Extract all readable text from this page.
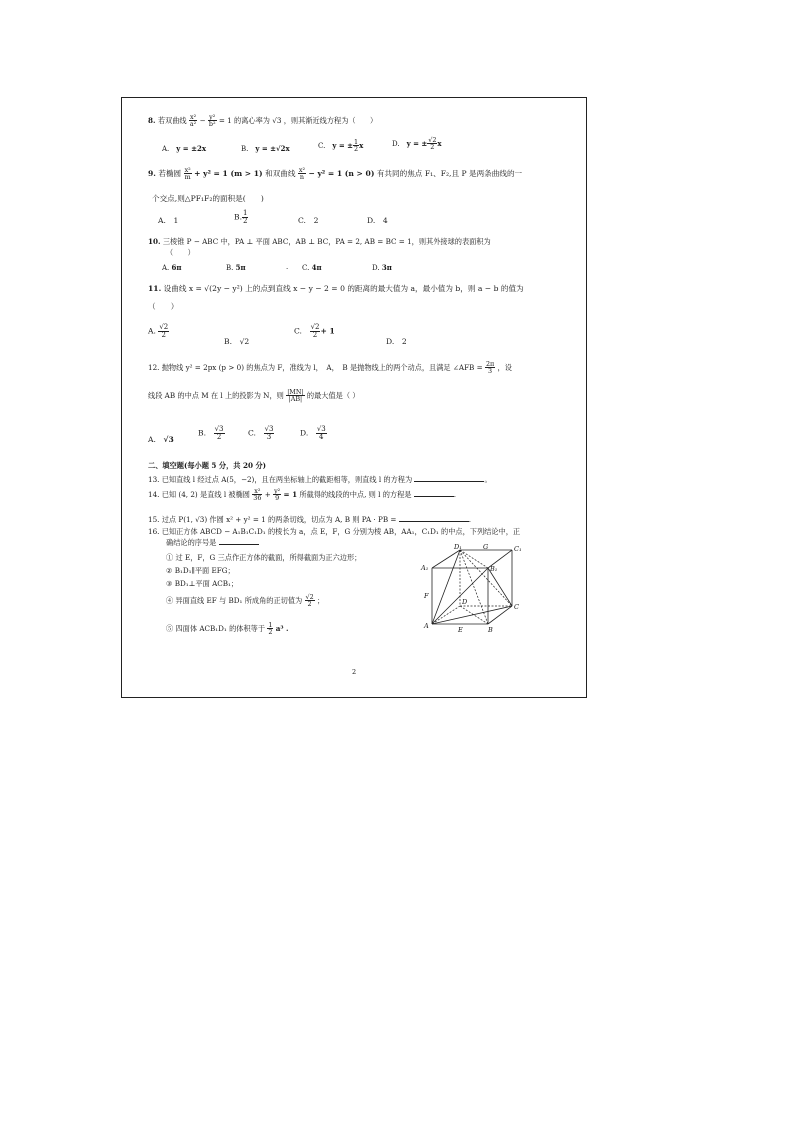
8. 若双曲线 $\frac{\text{x²}}{\text{a²}} - \frac{\text{y²}}{\text{b²}} = 1$ 的离心率为 √3 ，则其渐近线方程为（　　）
A.　 y = ±2x	B.　 y = ±√2x	C.　 y = ± $\frac{1}{2}$ x	D.　 y = ± $\frac{√2}{2}$ x
9. 若椭圆 $\frac{\text{x²}}{m} + y^2 = 1$ (m > 1) 和双曲线 $\frac{\text{x²}}{n} - y^2 = 1$ (n > 0) 有共同的焦点 F₁、F₂,且 P 是两条曲线的一
个交点,则△PF₁F₂的面积是(　　)
A.　 1	B. $\frac{1}{2}$	C.　 2	D.　 4
10. 三棱锥 P − ABC 中，PA ⊥ 平面 ABC，AB ⊥ BC，PA = 2, AB = BC = 1，则其外接球的表面积为
（　　）
A. 6π	B. 5π	. C. 4π	D. 3π
11. 设曲线 x = √(2y − y²) 上的点到直线 x − y − 2 = 0 的距离的最大值为 a，最小值为 b，则 a − b 的值为
（　　）
A. $\frac{√2}{2}$
B.　 √2
C.　 $\frac{√2}{2} + 1$
D.　 2
12. 抛物线 y² = 2px (p > 0) 的焦点为 F，准线为 l，　A，　B 是抛物线上的两个动点，且满足 ∠AFB = $\frac{2\pi}{3}$ ，设
线段 AB 的中点 M 在 l 上的投影为 N，则 $\frac{|MN|}{|AB|}$ 的最大值是（ ）
A.　 √3
B.　 $\frac{√3}{2}$	C.　 $\frac{√3}{3}$	D.　 $\frac{√3}{4}$
二、填空题(每小题 5 分，共 20 分)
13. 已知直线 l 经过点 A(5，−2)，且在两坐标轴上的截距相等，则直线 l 的方程为	。
14. 已知 (4, 2) 是直线 l 被椭圆 $\frac{\text{x²}}{36} + \frac{\text{y²}}{9} = 1$ 所截得的线段的中点, 则 l 的方程是	.
15. 过点 P(1, √3) 作圆 x² + y² = 1 的两条切线，切点为 A, B 则 PA · PB =	.
16. 已知正方体 ABCD − A₁B₁C₁D₁ 的棱长为 a，点 E，F，G 分别为棱 AB，AA₁，C₁D₁ 的中点，下列结论中，正
确结论的序号是
① 过 E，F，G 三点作正方体的截面，所得截面为正六边形；
② B₁D₁∥平面 EFG；
③ BD₁⊥平面 ACB₁；
④ 异面直线 EF 与 BD₁ 所成角的正切值为 $\frac{√2}{2}$ ；
⑤ 四面体 ACB₁D₁ 的体积等于 $\frac{1}{2} a^3$ .
D₁	G	C₁
A₁	B₁
F
D
C
A	E	B
2
